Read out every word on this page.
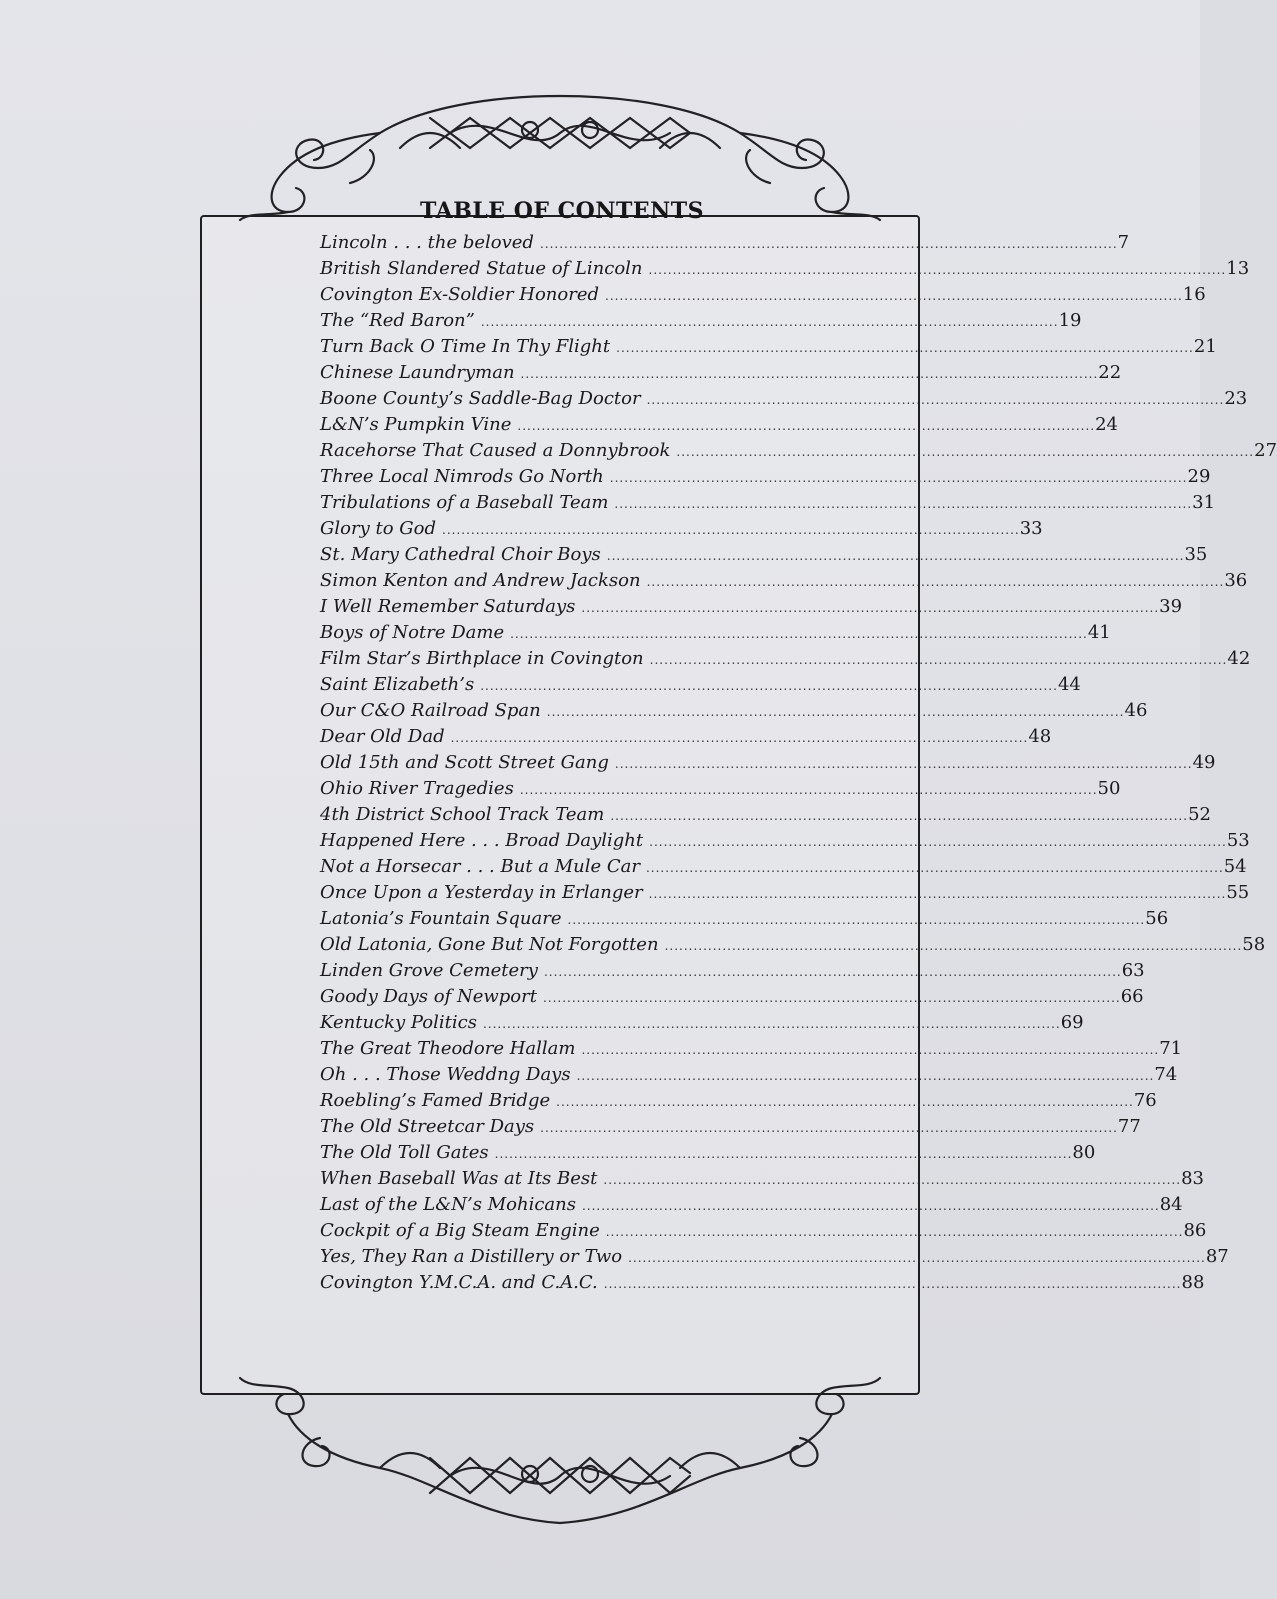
TABLE OF CONTENTS
Lincoln . . . the beloved ........................................................................................................................ 7
British Slandered Statue of Lincoln ........................................................................................................................ 13
Covington Ex-Soldier Honored ........................................................................................................................ 16
The “Red Baron” ........................................................................................................................ 19
Turn Back O Time In Thy Flight ........................................................................................................................ 21
Chinese Laundryman ........................................................................................................................ 22
Boone County’s Saddle-Bag Doctor ........................................................................................................................ 23
L&N’s Pumpkin Vine ........................................................................................................................ 24
Racehorse That Caused a Donnybrook ........................................................................................................................ 27
Three Local Nimrods Go North ........................................................................................................................ 29
Tribulations of a Baseball Team ........................................................................................................................ 31
Glory to God ........................................................................................................................ 33
St. Mary Cathedral Choir Boys ........................................................................................................................ 35
Simon Kenton and Andrew Jackson ........................................................................................................................ 36
I Well Remember Saturdays ........................................................................................................................ 39
Boys of Notre Dame ........................................................................................................................ 41
Film Star’s Birthplace in Covington ........................................................................................................................ 42
Saint Elizabeth’s ........................................................................................................................ 44
Our C&O Railroad Span ........................................................................................................................ 46
Dear Old Dad ........................................................................................................................ 48
Old 15th and Scott Street Gang ........................................................................................................................ 49
Ohio River Tragedies ........................................................................................................................ 50
4th District School Track Team ........................................................................................................................ 52
Happened Here . . . Broad Daylight ........................................................................................................................ 53
Not a Horsecar . . . But a Mule Car ........................................................................................................................ 54
Once Upon a Yesterday in Erlanger ........................................................................................................................ 55
Latonia’s Fountain Square ........................................................................................................................ 56
Old Latonia, Gone But Not Forgotten ........................................................................................................................ 58
Linden Grove Cemetery ........................................................................................................................ 63
Goody Days of Newport ........................................................................................................................ 66
Kentucky Politics ........................................................................................................................ 69
The Great Theodore Hallam ........................................................................................................................ 71
Oh . . . Those Weddng Days ........................................................................................................................ 74
Roebling’s Famed Bridge ........................................................................................................................ 76
The Old Streetcar Days ........................................................................................................................ 77
The Old Toll Gates ........................................................................................................................ 80
When Baseball Was at Its Best ........................................................................................................................ 83
Last of the L&N’s Mohicans ........................................................................................................................ 84
Cockpit of a Big Steam Engine ........................................................................................................................ 86
Yes, They Ran a Distillery or Two ........................................................................................................................ 87
Covington Y.M.C.A. and C.A.C. ........................................................................................................................ 88
